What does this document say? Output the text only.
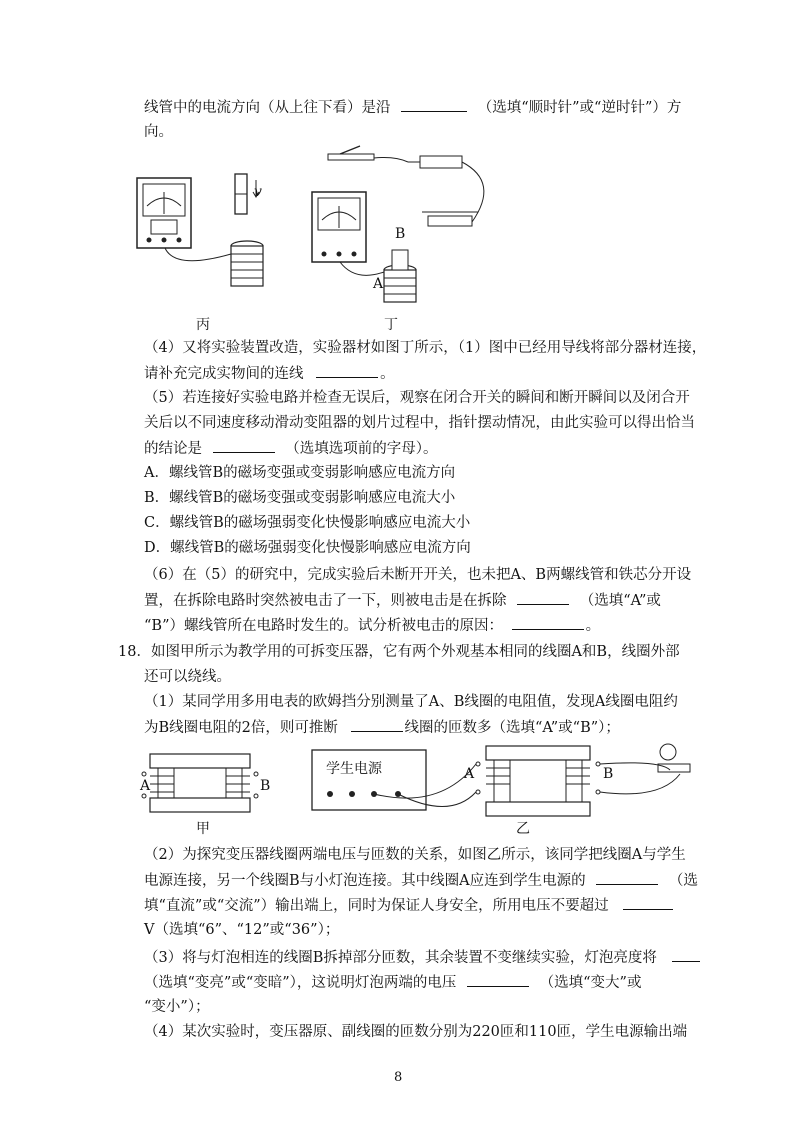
线管中的电流方向（从上往下看）是沿	（选填“顺时针”或“逆时针”）方
向。
v
丙
B
A
丁
（4）又将实验装置改造，实验器材如图丁所示，（1）图中已经用导线将部分器材连接，
请补充完成实物间的连线	。
（5）若连接好实验电路并检查无误后，观察在闭合开关的瞬间和断开瞬间以及闭合开
关后以不同速度移动滑动变阻器的划片过程中，指针摆动情况，由此实验可以得出恰当
的结论是	（选填选项前的字母）。
A．螺线管B的磁场变强或变弱影响感应电流方向
B．螺线管B的磁场变强或变弱影响感应电流大小
C．螺线管B的磁场强弱变化快慢影响感应电流大小
D．螺线管B的磁场强弱变化快慢影响感应电流方向
（6）在（5）的研究中，完成实验后未断开开关，也未把A、B两螺线管和铁芯分开设
置，在拆除电路时突然被电击了一下，则被电击是在拆除	（选填“A”或
“B”）螺线管所在电路时发生的。试分析被电击的原因：	。
18．如图甲所示为教学用的可拆变压器，它有两个外观基本相同的线圈A和B，线圈外部
还可以绕线。
（1）某同学用多用电表的欧姆挡分别测量了A、B线圈的电阻值，发现A线圈电阻约
为B线圈电阻的2倍，则可推断	线圈的匝数多（选填“A”或“B”）；
A	B
学生电源	A	B
甲	乙
（2）为探究变压器线圈两端电压与匝数的关系，如图乙所示，该同学把线圈A与学生
电源连接，另一个线圈B与小灯泡连接。其中线圈A应连到学生电源的	（选
填“直流”或“交流”）输出端上，同时为保证人身安全，所用电压不要超过
V（选填“6”、“12”或“36”）；
（3）将与灯泡相连的线圈B拆掉部分匝数，其余装置不变继续实验，灯泡亮度将
（选填“变亮”或“变暗”），这说明灯泡两端的电压	（选填“变大”或
“变小”）；
（4）某次实验时，变压器原、副线圈的匝数分别为220匝和110匝，学生电源输出端
8
